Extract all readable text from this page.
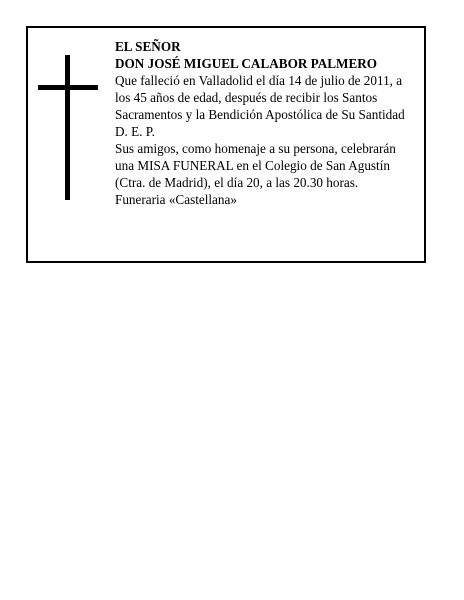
EL SEÑOR
DON JOSÉ MIGUEL CALABOR PALMERO
Que falleció en Valladolid el día 14 de julio de 2011, a
los 45 años de edad, después de recibir los Santos
Sacramentos y la Bendición Apostólica de Su Santidad
D. E. P.
Sus amigos, como homenaje a su persona, celebrarán
una MISA FUNERAL en el Colegio de San Agustín
(Ctra. de Madrid), el día 20, a las 20.30 horas.
Funeraria «Castellana»
